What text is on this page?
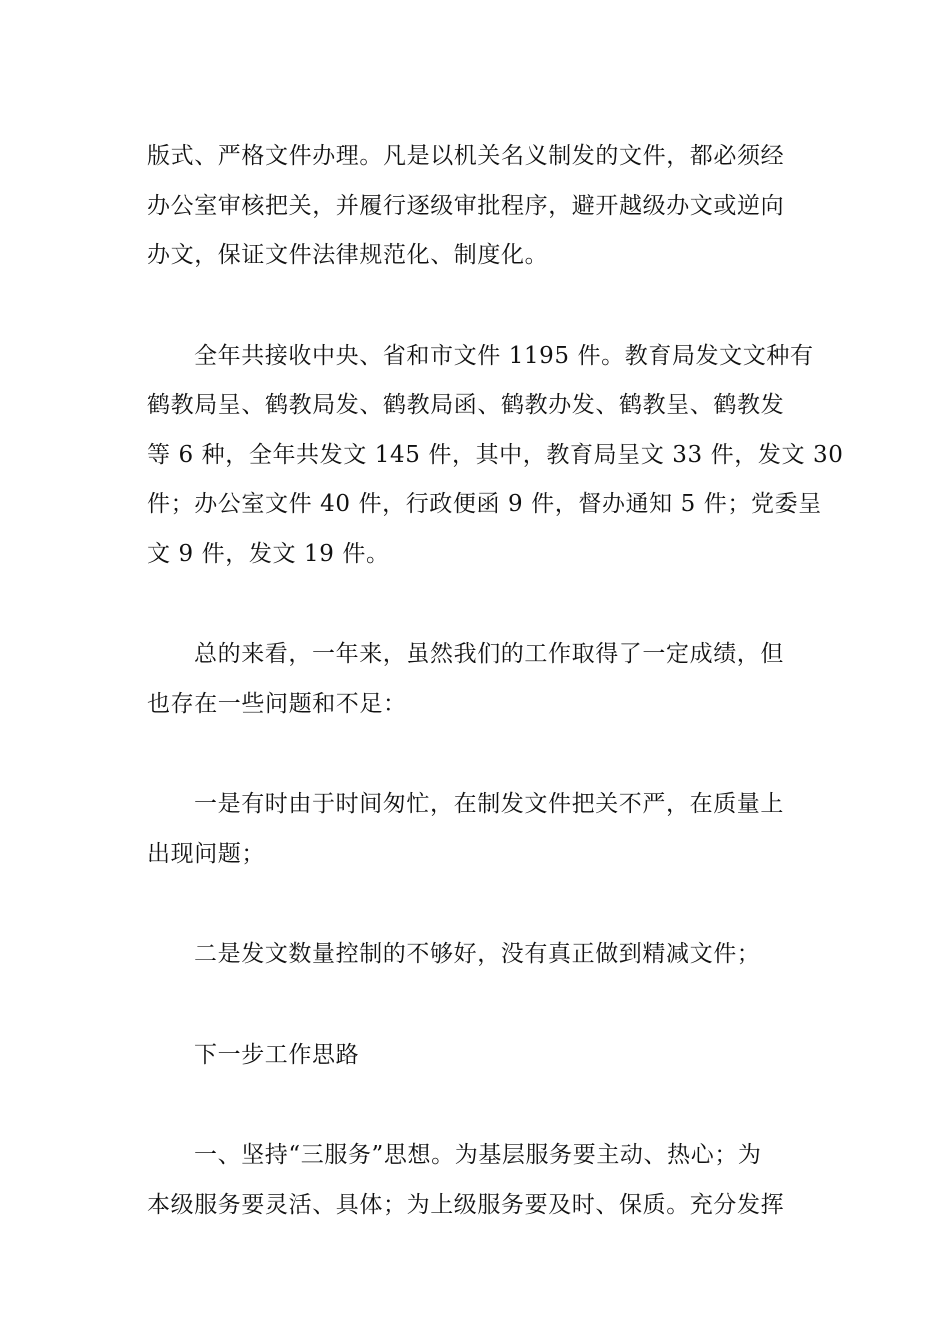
版式、严格文件办理。凡是以机关名义制发的文件，都必须经
办公室审核把关，并履行逐级审批程序，避开越级办文或逆向
办文，保证文件法律规范化、制度化。

全年共接收中央、省和市文件 1195 件。教育局发文文种有
鹤教局呈、鹤教局发、鹤教局函、鹤教办发、鹤教呈、鹤教发
等 6 种，全年共发文 145 件，其中，教育局呈文 33 件，发文 30
件；办公室文件 40 件，行政便函 9 件，督办通知 5 件；党委呈
文 9 件，发文 19 件。

总的来看，一年来，虽然我们的工作取得了一定成绩，但
也存在一些问题和不足：

一是有时由于时间匆忙，在制发文件把关不严，在质量上
出现问题；

二是发文数量控制的不够好，没有真正做到精减文件；

下一步工作思路

一、坚持“三服务”思想。为基层服务要主动、热心；为
本级服务要灵活、具体；为上级服务要及时、保质。充分发挥
